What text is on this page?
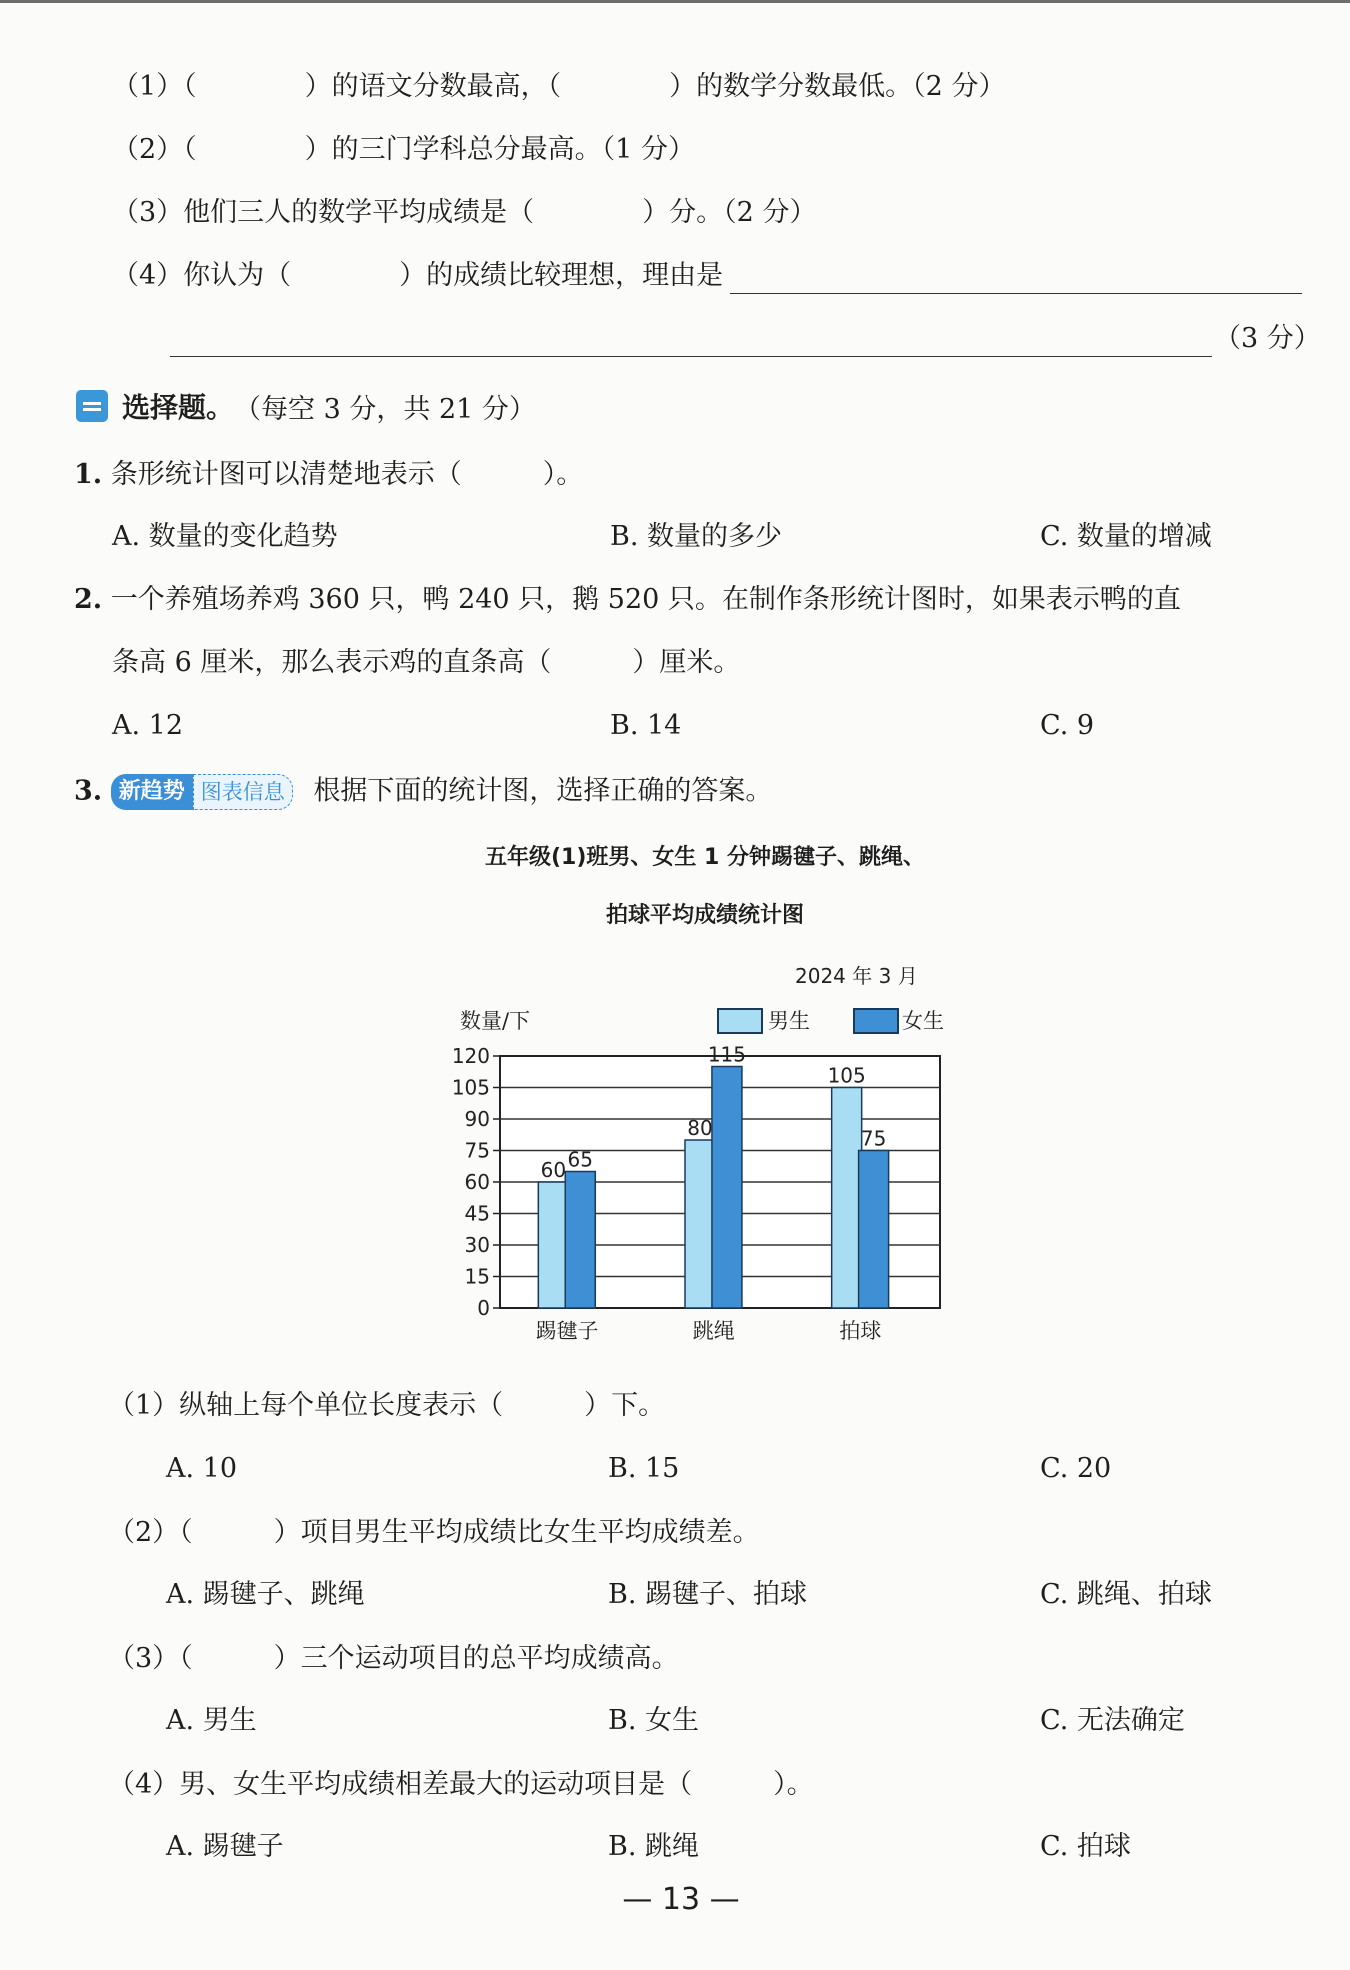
（1）（　　　　）的语文分数最高，（　　　　）的数学分数最低。（2 分）
（2）（　　　　）的三门学科总分最高。（1 分）
（3）他们三人的数学平均成绩是（　　　　）分。（2 分）
（4）你认为（　　　　）的成绩比较理想，理由是
（3 分）
选择题。 （每空 3 分，共 21 分）
1. 条形统计图可以清楚地表示（　　　）。
A. 数量的变化趋势	B. 数量的多少	C. 数量的增减
2. 一个养殖场养鸡 360 只，鸭 240 只，鹅 520 只。在制作条形统计图时，如果表示鸭的直
条高 6 厘米，那么表示鸡的直条高（　　　）厘米。
A. 12	B. 14	C. 9
3. 新趋势 图表信息 根据下面的统计图，选择正确的答案。
五年级(1)班男、女生 1 分钟踢毽子、跳绳、
拍球平均成绩统计图
2024 年 3 月
数量/下	男生	女生
0
15
30
45
60
75
90
105
120
60 65
踢毽子
80
115
跳绳
105
75
拍球
（1）纵轴上每个单位长度表示（　　　）下。
A. 10	B. 15	C. 20
（2）（　　　）项目男生平均成绩比女生平均成绩差。
A. 踢毽子、跳绳	B. 踢毽子、拍球	C. 跳绳、拍球
（3）（　　　）三个运动项目的总平均成绩高。
A. 男生	B. 女生	C. 无法确定
（4）男、女生平均成绩相差最大的运动项目是（　　　）。
A. 踢毽子	B. 跳绳	C. 拍球
— 13 —
